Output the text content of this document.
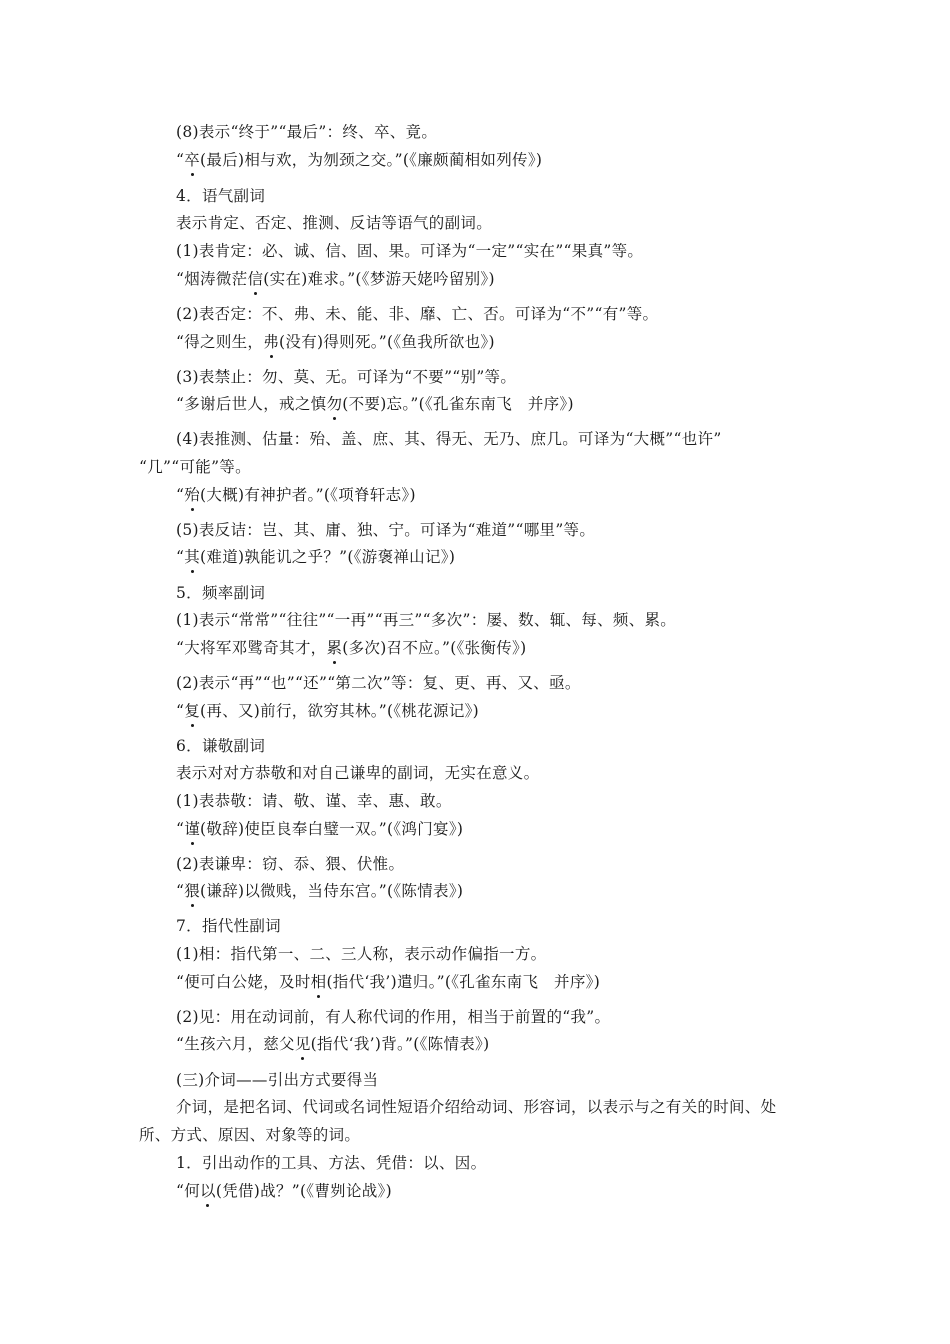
(8)表示“终于”“最后”：终、卒、竟。
“卒(最后)相与欢，为刎颈之交。”(《廉颇蔺相如列传》)
4．语气副词
表示肯定、否定、推测、反诘等语气的副词。
(1)表肯定：必、诚、信、固、果。可译为“一定”“实在”“果真”等。
“烟涛微茫信(实在)难求。”(《梦游天姥吟留别》)
(2)表否定：不、弗、未、能、非、靡、亡、否。可译为“不”“有”等。
“得之则生，弗(没有)得则死。”(《鱼我所欲也》)
(3)表禁止：勿、莫、无。可译为“不要”“别”等。
“多谢后世人，戒之慎勿(不要)忘。”(《孔雀东南飞　并序》)
(4)表推测、估量：殆、盖、庶、其、得无、无乃、庶几。可译为“大概”“也许”
“几”“可能”等。
“殆(大概)有神护者。”(《项脊轩志》)
(5)表反诘：岂、其、庸、独、宁。可译为“难道”“哪里”等。
“其(难道)孰能讥之乎？”(《游褒禅山记》)
5．频率副词
(1)表示“常常”“往往”“一再”“再三”“多次”：屡、数、辄、每、频、累。
“大将军邓骘奇其才，累(多次)召不应。”(《张衡传》)
(2)表示“再”“也”“还”“第二次”等：复、更、再、又、亟。
“复(再、又)前行，欲穷其林。”(《桃花源记》)
6．谦敬副词
表示对对方恭敬和对自己谦卑的副词，无实在意义。
(1)表恭敬：请、敬、谨、幸、惠、敢。
“谨(敬辞)使臣良奉白璧一双。”(《鸿门宴》)
(2)表谦卑：窃、忝、猥、伏惟。
“猥(谦辞)以微贱，当侍东宫。”(《陈情表》)
7．指代性副词
(1)相：指代第一、二、三人称，表示动作偏指一方。
“便可白公姥，及时相(指代‘我’)遣归。”(《孔雀东南飞　并序》)
(2)见：用在动词前，有人称代词的作用，相当于前置的“我”。
“生孩六月，慈父见(指代‘我’)背。”(《陈情表》)
(三)介词——引出方式要得当
介词，是把名词、代词或名词性短语介绍给动词、形容词，以表示与之有关的时间、处
所、方式、原因、对象等的词。
1．引出动作的工具、方法、凭借：以、因。
“何以(凭借)战？”(《曹刿论战》)
